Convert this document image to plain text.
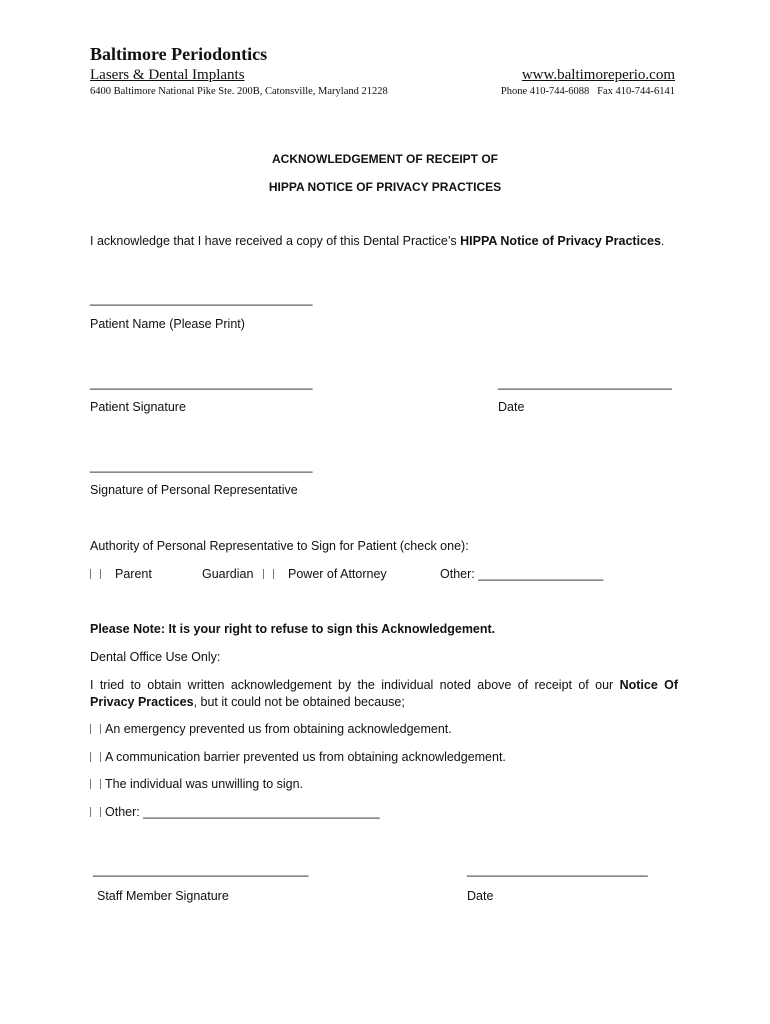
Baltimore Periodontics
Lasers & Dental Implants
6400 Baltimore National Pike Ste. 200B, Catonsville, Maryland 21228
www.baltimoreperio.com
Phone 410-744-6088 Fax 410-744-6141
ACKNOWLEDGEMENT OF RECEIPT OF
HIPPA NOTICE OF PRIVACY PRACTICES
I acknowledge that I have received a copy of this Dental Practice’s HIPPA Notice of Privacy Practices.
________________________________
Patient Name (Please Print)
________________________________	_________________________
Patient Signature	Date
________________________________
Signature of Personal Representative
Authority of Personal Representative to Sign for Patient (check one):
Parent	Guardian	Power of Attorney	Other: __________________
Please Note: It is your right to refuse to sign this Acknowledgement.
Dental Office Use Only:
I tried to obtain written acknowledgement by the individual noted above of receipt of our Notice Of Privacy Practices, but it could not be obtained because;
An emergency prevented us from obtaining acknowledgement.
A communication barrier prevented us from obtaining acknowledgement.
The individual was unwilling to sign.
Other: __________________________________
_______________________________	__________________________
Staff Member Signature	Date
